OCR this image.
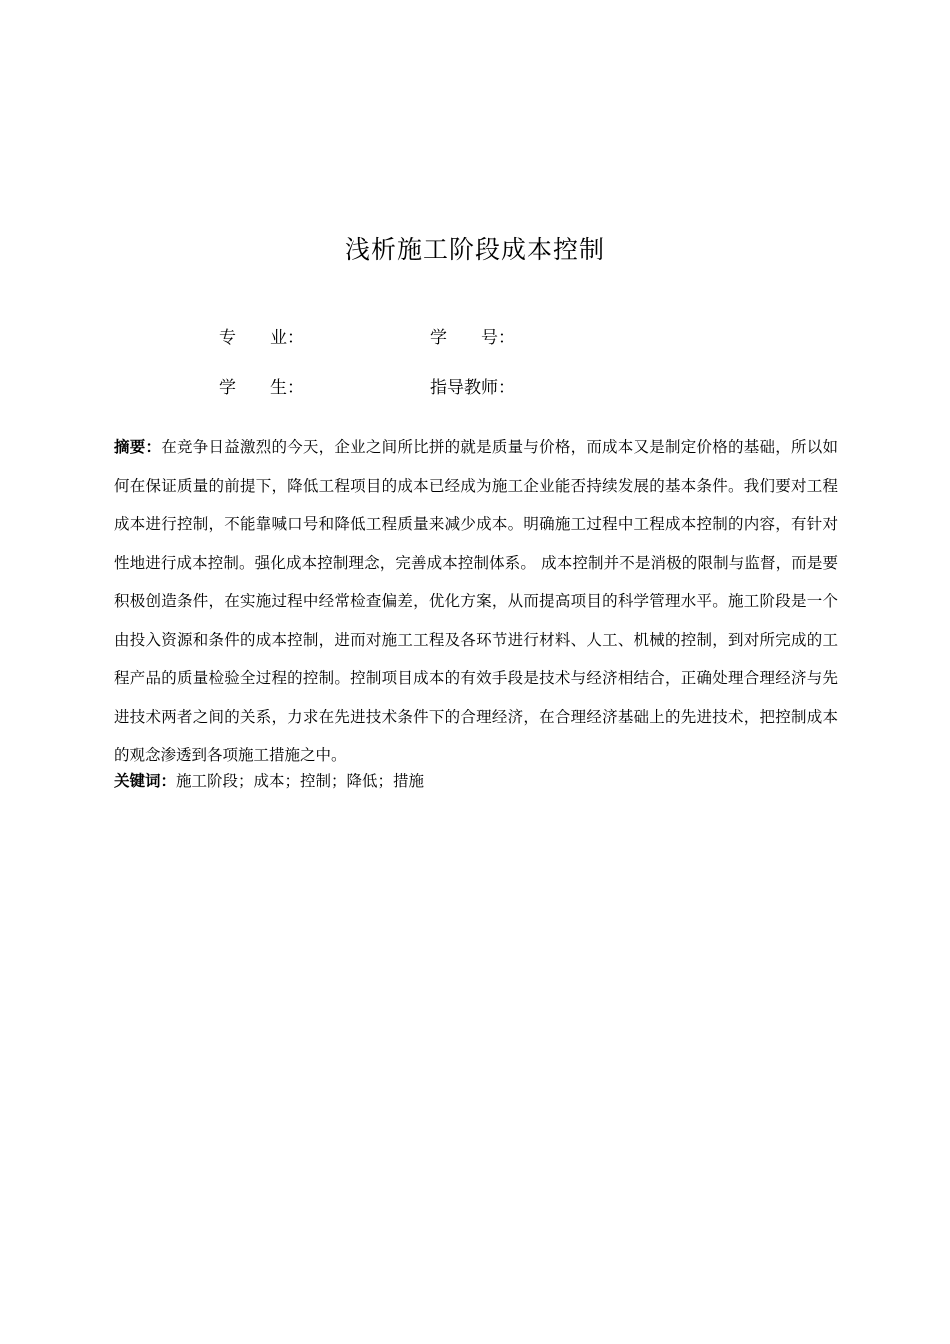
浅析施工阶段成本控制
专　　业：	学　　号：
学　　生：	指导教师：
摘要：在竞争日益激烈的今天，企业之间所比拼的就是质量与价格，而成本又是制定价格的基础，所以如何在保证质量的前提下，降低工程项目的成本已经成为施工企业能否持续发展的基本条件。我们要对工程成本进行控制，不能靠喊口号和降低工程质量来减少成本。明确施工过程中工程成本控制的内容，有针对性地进行成本控制。强化成本控制理念，完善成本控制体系。 成本控制并不是消极的限制与监督，而是要积极创造条件，在实施过程中经常检查偏差，优化方案，从而提高项目的科学管理水平。施工阶段是一个由投入资源和条件的成本控制，进而对施工工程及各环节进行材料、人工、机械的控制，到对所完成的工程产品的质量检验全过程的控制。控制项目成本的有效手段是技术与经济相结合，正确处理合理经济与先进技术两者之间的关系，力求在先进技术条件下的合理经济，在合理经济基础上的先进技术，把控制成本的观念渗透到各项施工措施之中。
关键词：施工阶段；成本；控制；降低；措施
